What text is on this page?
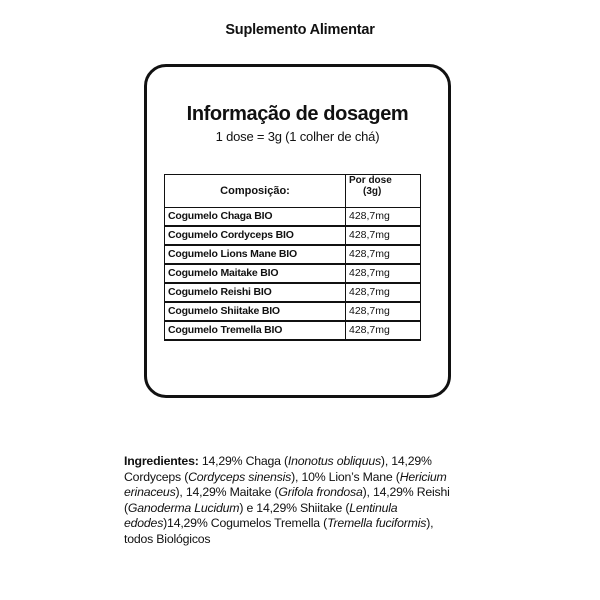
Suplemento Alimentar
Informação de dosagem
1 dose = 3g (1 colher de chá)
Composição:	Por dose
(3g)

Cogumelo Chaga BIO	428,7mg
Cogumelo Cordyceps BIO	428,7mg
Cogumelo Lions Mane BIO	428,7mg
Cogumelo Maitake BIO	428,7mg
Cogumelo Reishi BIO	428,7mg
Cogumelo Shiitake BIO	428,7mg
Cogumelo Tremella BIO	428,7mg
Ingredientes: 14,29% Chaga (Inonotus obliquus), 14,29% Cordyceps (Cordyceps sinensis), 10% Lion’s Mane (Hericium erinaceus), 14,29% Maitake (Grifola frondosa), 14,29% Reishi (Ganoderma Lucidum) e 14,29% Shiitake (Lentinula edodes)14,29% Cogumelos Tremella (Tremella fuciformis), todos Biológicos
